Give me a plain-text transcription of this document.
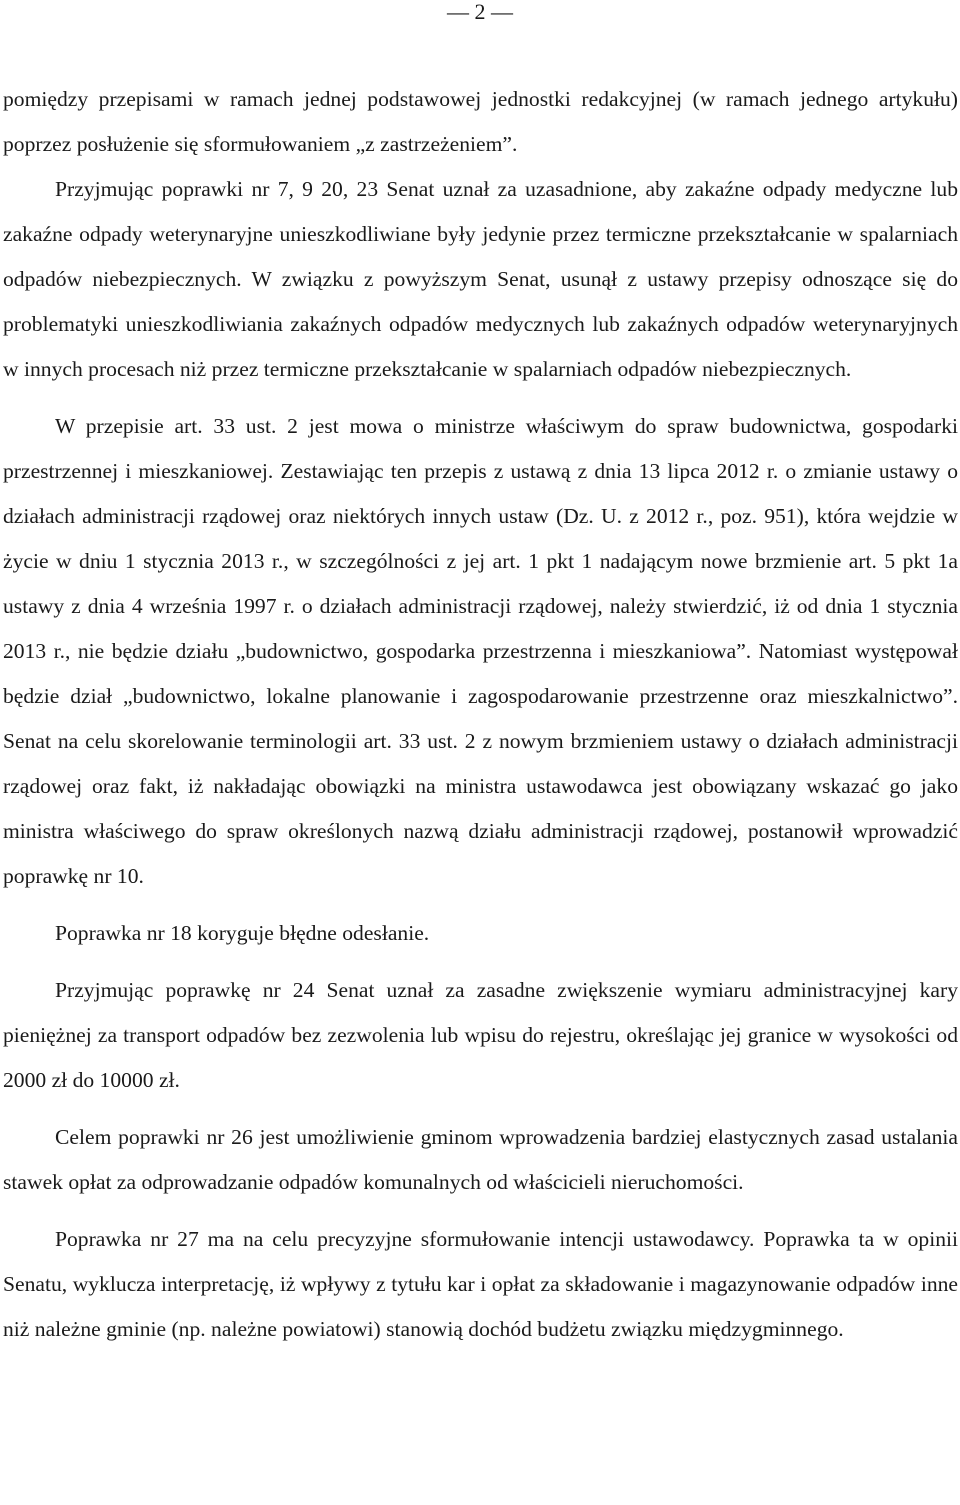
— 2 —

pomiędzy przepisami w ramach jednej podstawowej jednostki redakcyjnej (w ramach jednego artykułu) poprzez posłużenie się sformułowaniem „z zastrzeżeniem”.

Przyjmując poprawki nr 7, 9 20, 23 Senat uznał za uzasadnione, aby zakaźne odpady medyczne lub zakaźne odpady weterynaryjne unieszkodliwiane były jedynie przez termiczne przekształcanie w spalarniach odpadów niebezpiecznych. W związku z powyższym Senat, usunął z ustawy przepisy odnoszące się do problematyki unieszkodliwiania zakaźnych odpadów medycznych lub zakaźnych odpadów weterynaryjnych w innych procesach niż przez termiczne przekształcanie w spalarniach odpadów niebezpiecznych.

W przepisie art. 33 ust. 2 jest mowa o ministrze właściwym do spraw budownictwa, gospodarki przestrzennej i mieszkaniowej. Zestawiając ten przepis z ustawą z dnia 13 lipca 2012 r. o zmianie ustawy o działach administracji rządowej oraz niektórych innych ustaw (Dz. U. z 2012 r., poz. 951), która wejdzie w życie w dniu 1 stycznia 2013 r., w szczególności z jej art. 1 pkt 1 nadającym nowe brzmienie art. 5 pkt 1a ustawy z dnia 4 września 1997 r. o działach administracji rządowej, należy stwierdzić, iż od dnia 1 stycznia 2013 r., nie będzie działu „budownictwo, gospodarka przestrzenna i mieszkaniowa”. Natomiast występował będzie dział „budownictwo, lokalne planowanie i zagospodarowanie przestrzenne oraz mieszkalnictwo”. Senat na celu skorelowanie terminologii art. 33 ust. 2 z nowym brzmieniem ustawy o działach administracji rządowej oraz fakt, iż nakładając obowiązki na ministra ustawodawca jest obowiązany wskazać go jako ministra właściwego do spraw określonych nazwą działu administracji rządowej, postanowił wprowadzić poprawkę nr 10.

Poprawka nr 18 koryguje błędne odesłanie.

Przyjmując poprawkę nr 24 Senat uznał za zasadne zwiększenie wymiaru administracyjnej kary pieniężnej za transport odpadów bez zezwolenia lub wpisu do rejestru, określając jej granice w wysokości od 2000 zł do 10000 zł.

Celem poprawki nr 26 jest umożliwienie gminom wprowadzenia bardziej elastycznych zasad ustalania stawek opłat za odprowadzanie odpadów komunalnych od właścicieli nieruchomości.

Poprawka nr 27 ma na celu precyzyjne sformułowanie intencji ustawodawcy. Poprawka ta w opinii Senatu, wyklucza interpretację, iż wpływy z tytułu kar i opłat za składowanie i magazynowanie odpadów inne niż należne gminie (np. należne powiatowi) stanowią dochód budżetu związku międzygminnego.
